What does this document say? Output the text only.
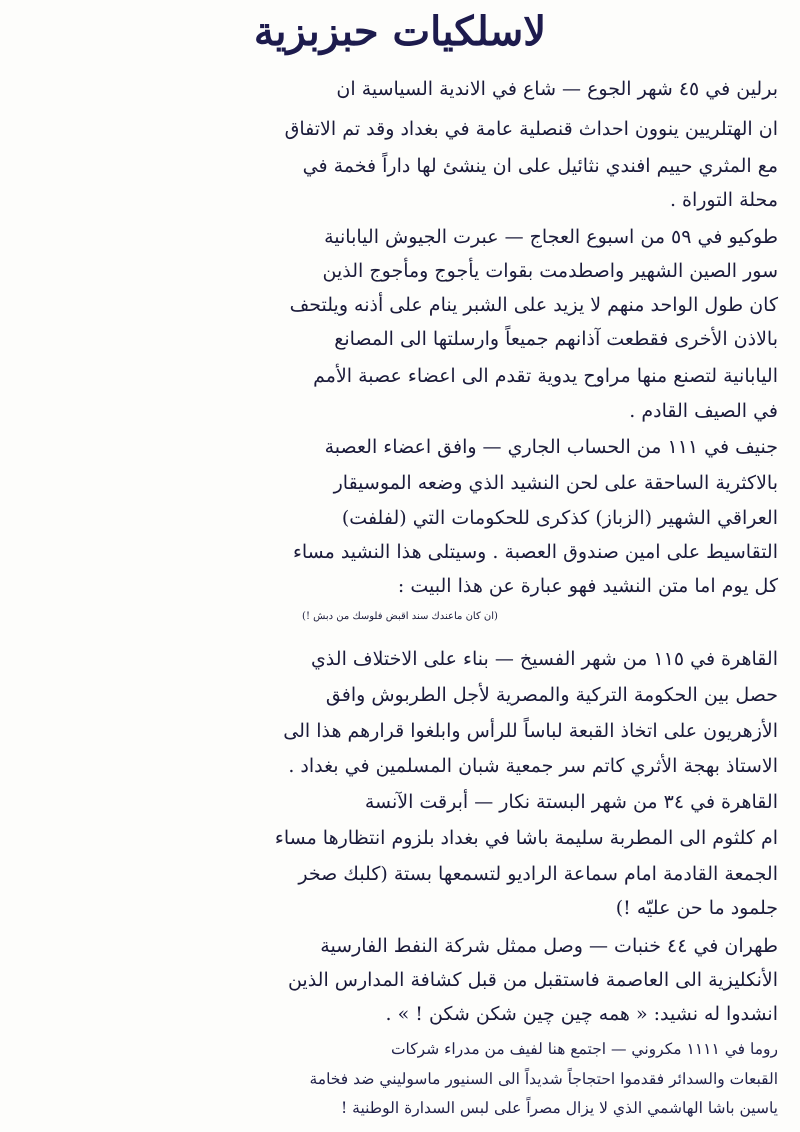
لاسلكيات حبزبزية
برلين في ٤٥ شهر الجوع — شاع في الاندية السياسية ان
ان الهتلريين ينوون احداث قنصلية عامة في بغداد وقد تم الاتفاق
مع المثري حييم افندي نثائيل على ان ينشئ لها داراً فخمة في
محلة التوراة .
طوكيو في ٥٩ من اسبوع العجاج — عبرت الجيوش اليابانية
سور الصين الشهير واصطدمت بقوات يأجوج ومأجوج الذين
كان طول الواحد منهم لا يزيد على الشبر ينام على أذنه ويلتحف
بالاذن الأخرى فقطعت آذانهم جميعاً وارسلتها الى المصانع
اليابانية لتصنع منها مراوح يدوية تقدم الى اعضاء عصبة الأمم
في الصيف القادم .
جنيف في ١١١ من الحساب الجاري — وافق اعضاء العصبة
بالاكثرية الساحقة على لحن النشيد الذي وضعه الموسيقار
العراقي الشهير (الزباز) كذكرى للحكومات التي (لفلفت)
التقاسيط على امين صندوق العصبة . وسيتلى هذا النشيد مساء
كل يوم اما متن النشيد فهو عبارة عن هذا البيت :
(ان كان ماعندك سند اقبض فلوسك من دبش !)
القاهرة في ١١٥ من شهر الفسيخ — بناء على الاختلاف الذي
حصل بين الحكومة التركية والمصرية لأجل الطربوش وافق
الأزهريون على اتخاذ القبعة لباساً للرأس وابلغوا قرارهم هذا الى
الاستاذ بهجة الأثري كاتم سر جمعية شبان المسلمين في بغداد .
القاهرة في ٣٤ من شهر البستة نكار — أبرقت الآنسة
ام كلثوم الى المطربة سليمة باشا في بغداد بلزوم انتظارها مساء
الجمعة القادمة امام سماعة الراديو لتسمعها بستة (كلبك صخر
جلمود ما حن عليّه !)
طهران في ٤٤ خنبات — وصل ممثل شركة النفط الفارسية
الأنكليزية الى العاصمة فاستقبل من قبل كشافة المدارس الذين
انشدوا له نشيد: « همه چين چين شكن شكن ! » .
روما في ١١١١ مكروني — اجتمع هنا لفيف من مدراء شركات
القبعات والسدائر فقدموا احتجاجاً شديداً الى السنيور ماسوليني ضد فخامة
ياسين باشا الهاشمي الذي لا يزال مصراً على لبس السدارة الوطنية !
